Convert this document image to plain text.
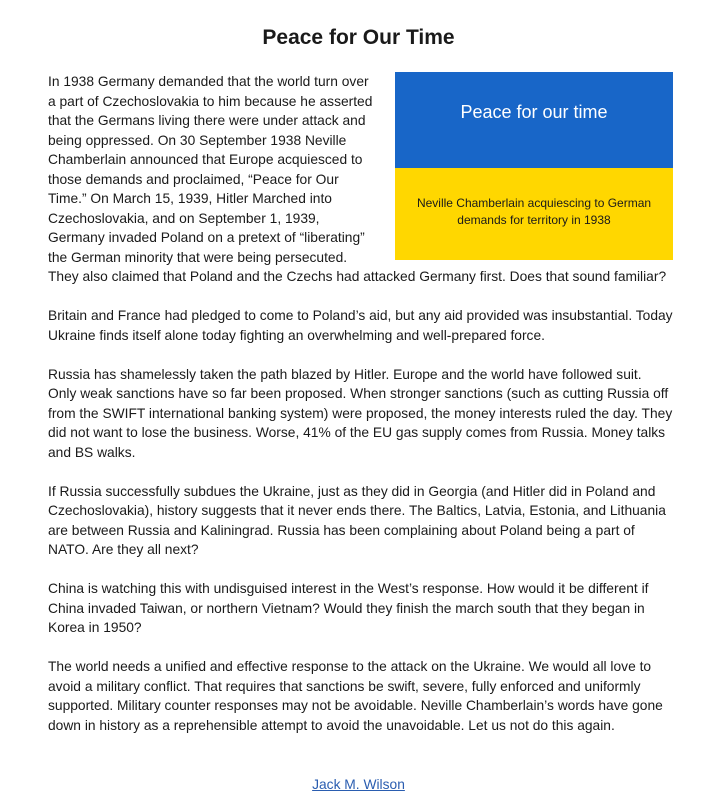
Peace for Our Time
Peace for our time
Neville Chamberlain acquiescing to German demands for territory in 1938

In 1938 Germany demanded that the world turn over a part of Czechoslovakia to him because he asserted that the Germans living there were under attack and being oppressed. On 30 September 1938 Neville Chamberlain announced that Europe acquiesced to those demands and proclaimed, “Peace for Our Time.” On March 15, 1939, Hitler Marched into Czechoslovakia, and on September 1, 1939, Germany invaded Poland on a pretext of “liberating” the German minority that were being persecuted. They also claimed that Poland and the Czechs had attacked Germany first. Does that sound familiar?

Britain and France had pledged to come to Poland’s aid, but any aid provided was insubstantial. Today Ukraine finds itself alone today fighting an overwhelming and well-prepared force.

Russia has shamelessly taken the path blazed by Hitler. Europe and the world have followed suit. Only weak sanctions have so far been proposed. When stronger sanctions (such as cutting Russia off from the SWIFT international banking system) were proposed, the money interests ruled the day. They did not want to lose the business. Worse, 41% of the EU gas supply comes from Russia. Money talks and BS walks.

If Russia successfully subdues the Ukraine, just as they did in Georgia (and Hitler did in Poland and Czechoslovakia), history suggests that it never ends there. The Baltics, Latvia, Estonia, and Lithuania are between Russia and Kaliningrad. Russia has been complaining about Poland being a part of NATO. Are they all next?

China is watching this with undisguised interest in the West’s response. How would it be different if China invaded Taiwan, or northern Vietnam? Would they finish the march south that they began in Korea in 1950?

The world needs a unified and effective response to the attack on the Ukraine. We would all love to avoid a military conflict. That requires that sanctions be swift, severe, fully enforced and uniformly supported. Military counter responses may not be avoidable. Neville Chamberlain’s words have gone down in history as a reprehensible attempt to avoid the unavoidable. Let us not do this again.

Jack M. Wilson
